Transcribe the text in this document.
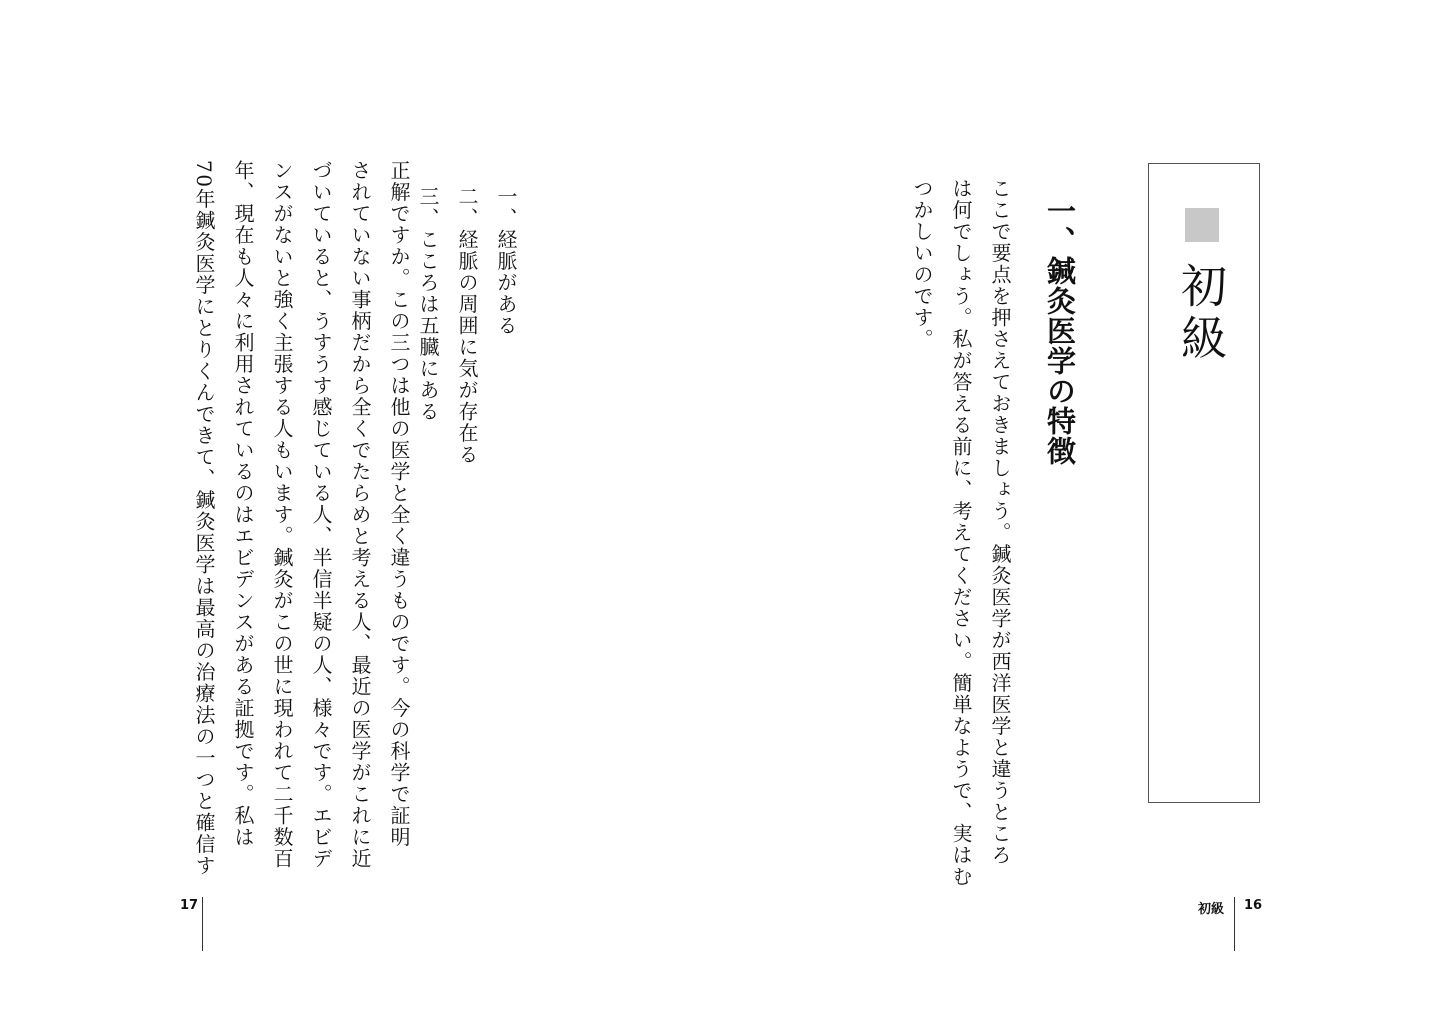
初級
一、鍼灸医学の特徴
ここで要点を押さえておきましょう。鍼灸医学が西洋医学と違うところ
は何でしょう。私が答える前に、考えてください。簡単なようで、実はむ
つかしいのです。
初級 16
一、経脈がある
二、経脈の周囲に気が存在る
三、こころは五臓にある
正解ですか。この三つは他の医学と全く違うものです。今の科学で証明
されていない事柄だから全くでたらめと考える人、最近の医学がこれに近
づいていると、うすうす感じている人、半信半疑の人、様々です。エビデ
ンスがないと強く主張する人もいます。鍼灸がこの世に現われて二千数百
年、現在も人々に利用されているのはエビデンスがある証拠です。私は
70年鍼灸医学にとりくんできて、鍼灸医学は最高の治療法の一つと確信す
17
